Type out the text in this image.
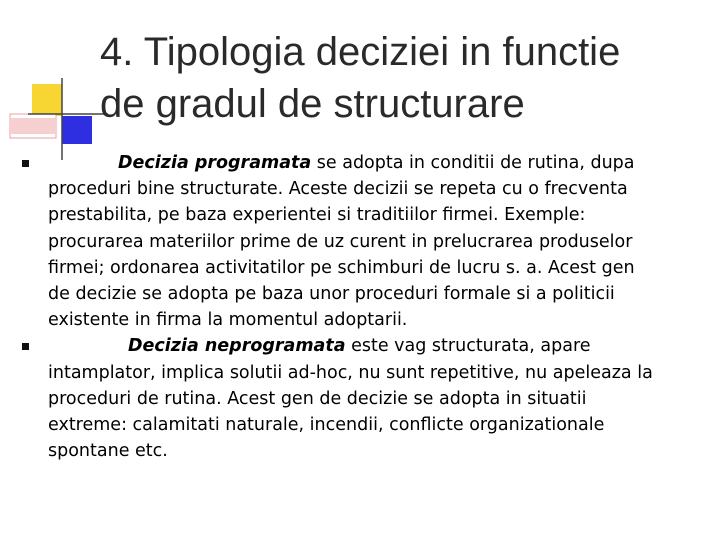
4. Tipologia deciziei in functie
de gradul de structurare
Decizia programata se adopta in conditii de rutina, dupa
proceduri bine structurate. Aceste decizii se repeta cu o frecventa
prestabilita, pe baza experientei si traditiilor firmei. Exemple:
procurarea materiilor prime de uz curent in prelucrarea produselor
firmei; ordonarea activitatilor pe schimburi de lucru s. a. Acest gen
de decizie se adopta pe baza unor proceduri formale si a politicii
existente in firma la momentul adoptarii.
Decizia neprogramata este vag structurata, apare
intamplator, implica solutii ad-hoc, nu sunt repetitive, nu apeleaza la
proceduri de rutina. Acest gen de decizie se adopta in situatii
extreme: calamitati naturale, incendii, conflicte organizationale
spontane etc.
